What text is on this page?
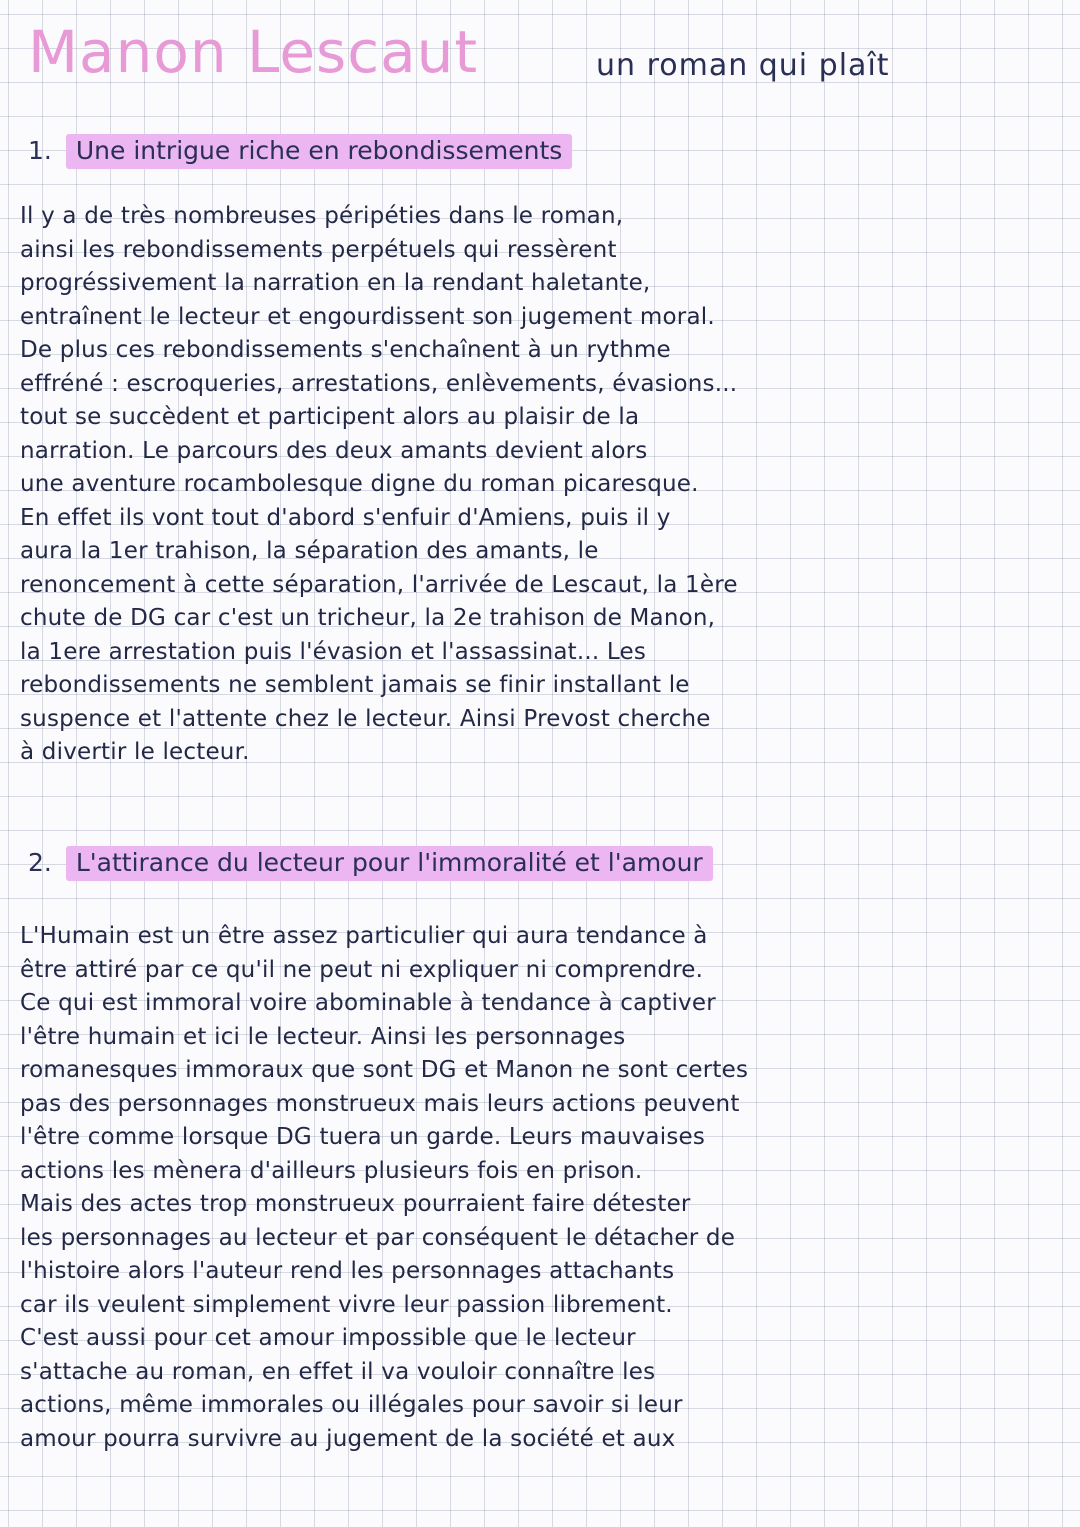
Manon Lescaut	un roman qui plaît
1. Une intrigue riche en rebondissements
Il y a de très nombreuses péripéties dans le roman,
ainsi les rebondissements perpétuels qui ressèrent
progréssivement la narration en la rendant haletante,
entraînent le lecteur et engourdissent son jugement moral.
De plus ces rebondissements s'enchaînent à un rythme
effréné : escroqueries, arrestations, enlèvements, évasions...
tout se succèdent et participent alors au plaisir de la
narration. Le parcours des deux amants devient alors
une aventure rocambolesque digne du roman picaresque.
En effet ils vont tout d'abord s'enfuir d'Amiens, puis il y
aura la 1er trahison, la séparation des amants, le
renoncement à cette séparation, l'arrivée de Lescaut, la 1ère
chute de DG car c'est un tricheur, la 2e trahison de Manon,
la 1ere arrestation puis l'évasion et l'assassinat... Les
rebondissements ne semblent jamais se finir installant le
suspence et l'attente chez le lecteur. Ainsi Prevost cherche
à divertir le lecteur.
2. L'attirance du lecteur pour l'immoralité et l'amour
L'Humain est un être assez particulier qui aura tendance à
être attiré par ce qu'il ne peut ni expliquer ni comprendre.
Ce qui est immoral voire abominable à tendance à captiver
l'être humain et ici le lecteur. Ainsi les personnages
romanesques immoraux que sont DG et Manon ne sont certes
pas des personnages monstrueux mais leurs actions peuvent
l'être comme lorsque DG tuera un garde. Leurs mauvaises
actions les mènera d'ailleurs plusieurs fois en prison.
Mais des actes trop monstrueux pourraient faire détester
les personnages au lecteur et par conséquent le détacher de
l'histoire alors l'auteur rend les personnages attachants
car ils veulent simplement vivre leur passion librement.
C'est aussi pour cet amour impossible que le lecteur
s'attache au roman, en effet il va vouloir connaître les
actions, même immorales ou illégales pour savoir si leur
amour pourra survivre au jugement de la société et aux
